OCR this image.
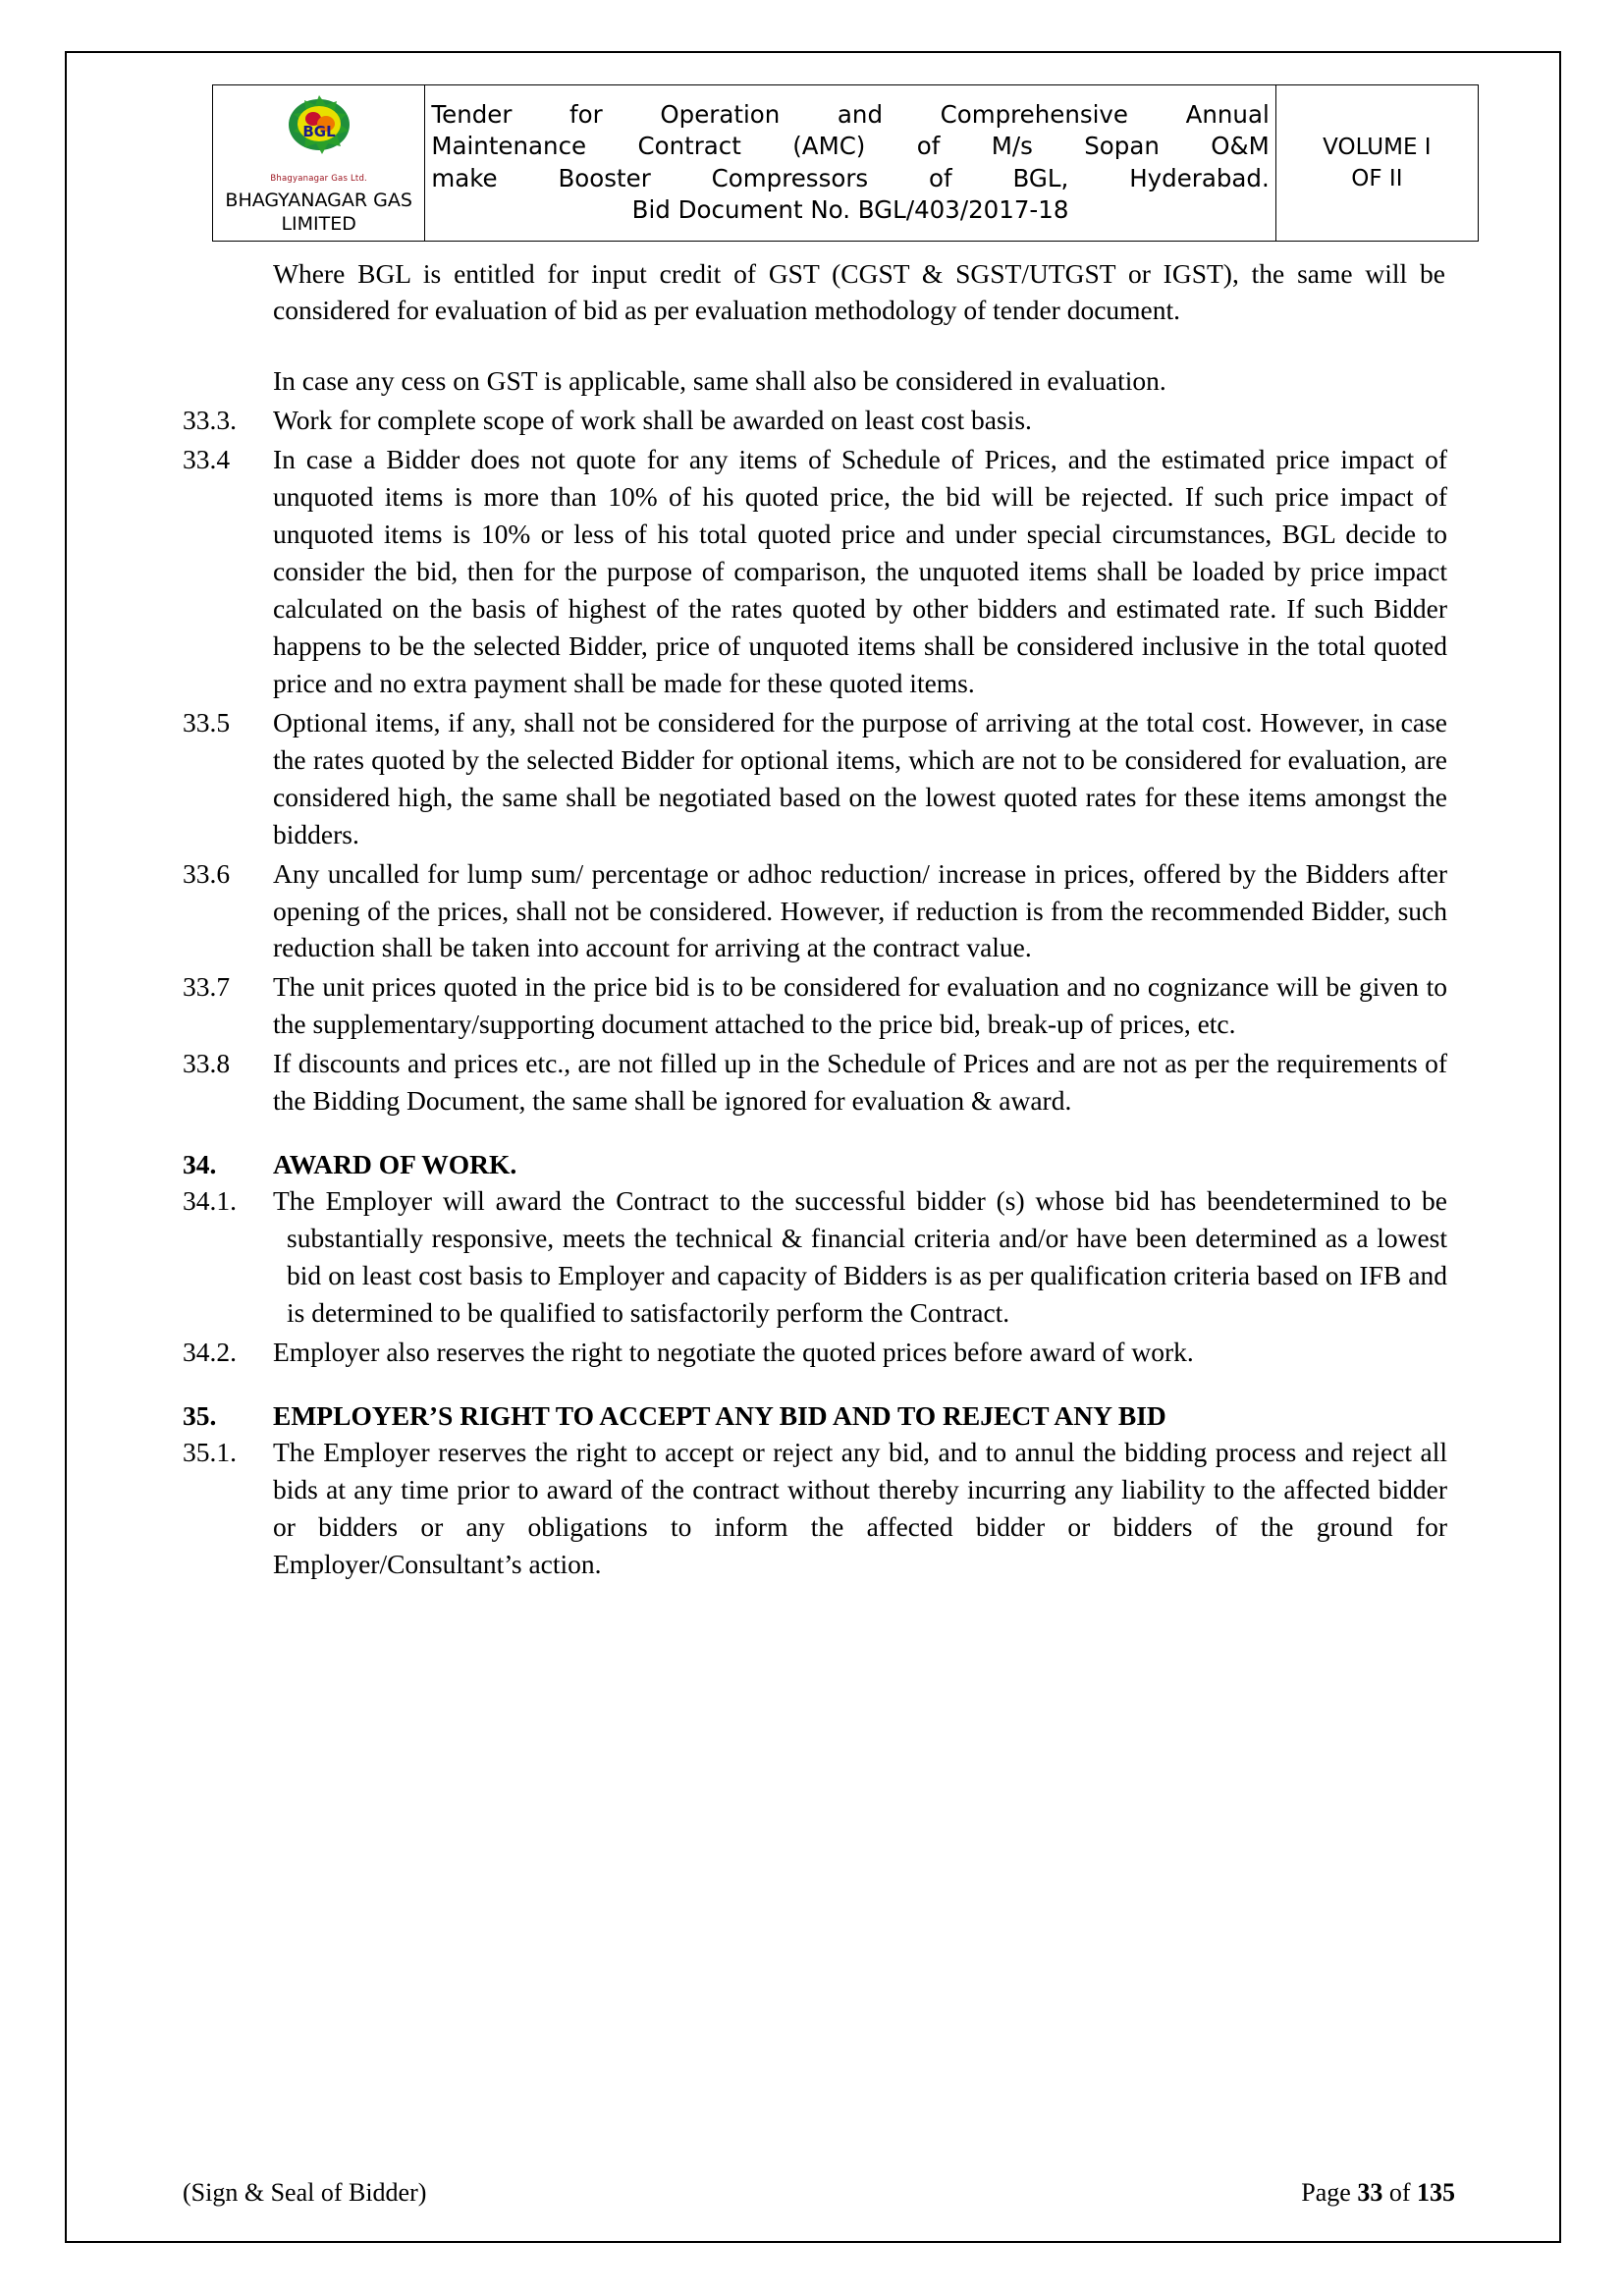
BGL
Bhagyanagar Gas Ltd.
BHAGYANAGAR GAS
LIMITED

Tender for Operation and Comprehensive Annual
Maintenance Contract (AMC) of M/s Sopan O&M
make Booster Compressors of BGL, Hyderabad.
Bid Document No. BGL/403/2017-18

VOLUME I
OF II
Where BGL is entitled for input credit of GST (CGST & SGST/UTGST or IGST), the same will be considered for evaluation of bid as per evaluation methodology of tender document.
In case any cess on GST is applicable, same shall also be considered in evaluation.
33.3.	Work for complete scope of work shall be awarded on least cost basis.
33.4	In case a Bidder does not quote for any items of Schedule of Prices, and the estimated price impact of unquoted items is more than 10% of his quoted price, the bid will be rejected. If such price impact of unquoted items is 10% or less of his total quoted price and under special circumstances, BGL decide to consider the bid, then for the purpose of comparison, the unquoted items shall be loaded by price impact calculated on the basis of highest of the rates quoted by other bidders and estimated rate. If such Bidder happens to be the selected Bidder, price of unquoted items shall be considered inclusive in the total quoted price and no extra payment shall be made for these quoted items.
33.5	Optional items, if any, shall not be considered for the purpose of arriving at the total cost. However, in case the rates quoted by the selected Bidder for optional items, which are not to be considered for evaluation, are considered high, the same shall be negotiated based on the lowest quoted rates for these items amongst the bidders.
33.6	Any uncalled for lump sum/ percentage or adhoc reduction/ increase in prices, offered by the Bidders after opening of the prices, shall not be considered. However, if reduction is from the recommended Bidder, such reduction shall be taken into account for arriving at the contract value.
33.7	The unit prices quoted in the price bid is to be considered for evaluation and no cognizance will be given to the supplementary/supporting document attached to the price bid, break-up of prices, etc.
33.8	If discounts and prices etc., are not filled up in the Schedule of Prices and are not as per the requirements of the Bidding Document, the same shall be ignored for evaluation & award.
34.	AWARD OF WORK.
34.1.	The Employer will award the Contract to the successful bidder (s) whose bid has beendetermined to be substantially responsive, meets the technical & financial criteria and/or have been determined as a lowest bid on least cost basis to Employer and capacity of Bidders is as per qualification criteria based on IFB and is determined to be qualified to satisfactorily perform the Contract.
34.2.	Employer also reserves the right to negotiate the quoted prices before award of work.
35.	EMPLOYER’S RIGHT TO ACCEPT ANY BID AND TO REJECT ANY BID
35.1.	The Employer reserves the right to accept or reject any bid, and to annul the bidding process and reject all bids at any time prior to award of the contract without thereby incurring any liability to the affected bidder or bidders or any obligations to inform the affected bidder or bidders of the ground for Employer/Consultant’s action.
(Sign & Seal of Bidder)	Page 33 of 135
